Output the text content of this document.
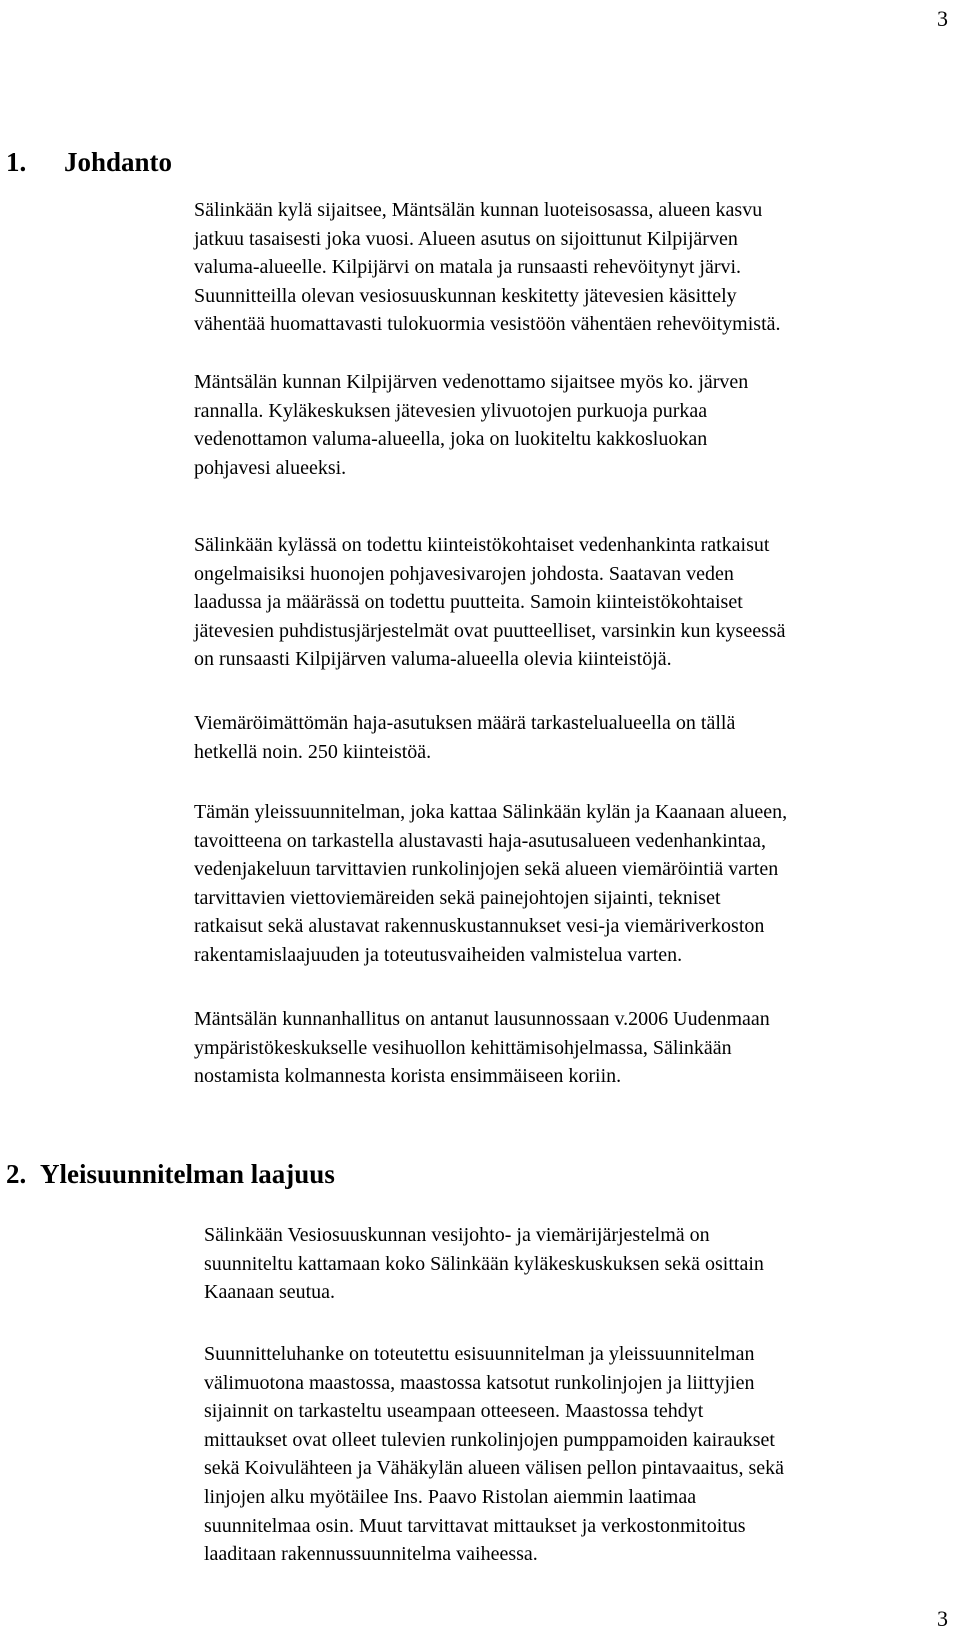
3
1. Johdanto

Sälinkään kylä sijaitsee, Mäntsälän kunnan luoteisosassa, alueen kasvu
jatkuu tasaisesti joka vuosi. Alueen asutus on sijoittunut Kilpijärven
valuma-alueelle. Kilpijärvi on matala ja runsaasti rehevöitynyt järvi.
Suunnitteilla olevan vesiosuuskunnan keskitetty jätevesien käsittely
vähentää huomattavasti tulokuormia vesistöön vähentäen rehevöitymistä.

Mäntsälän kunnan Kilpijärven vedenottamo sijaitsee myös ko. järven
rannalla. Kyläkeskuksen jätevesien ylivuotojen purkuoja purkaa
vedenottamon valuma-alueella, joka on luokiteltu kakkosluokan
pohjavesi alueeksi.

Sälinkään kylässä on todettu kiinteistökohtaiset vedenhankinta ratkaisut
ongelmaisiksi huonojen pohjavesivarojen johdosta. Saatavan veden
laadussa ja määrässä on todettu puutteita. Samoin kiinteistökohtaiset
jätevesien puhdistusjärjestelmät ovat puutteelliset, varsinkin kun kyseessä
on runsaasti Kilpijärven valuma-alueella olevia kiinteistöjä.

Viemäröimättömän haja-asutuksen määrä tarkastelualueella on tällä
hetkellä noin. 250 kiinteistöä.

Tämän yleissuunnitelman, joka kattaa Sälinkään kylän ja Kaanaan alueen,
tavoitteena on tarkastella alustavasti haja-asutusalueen vedenhankintaa,
vedenjakeluun tarvittavien runkolinjojen sekä alueen viemäröintiä varten
tarvittavien viettoviemäreiden sekä painejohtojen sijainti, tekniset
ratkaisut sekä alustavat rakennuskustannukset vesi-ja viemäriverkoston
rakentamislaajuuden ja toteutusvaiheiden valmistelua varten.

Mäntsälän kunnanhallitus on antanut lausunnossaan v.2006 Uudenmaan
ympäristökeskukselle vesihuollon kehittämisohjelmassa, Sälinkään
nostamista kolmannesta korista ensimmäiseen koriin.

2. Yleisuunnitelman laajuus

Sälinkään Vesiosuuskunnan vesijohto- ja viemärijärjestelmä on
suunniteltu kattamaan koko Sälinkään kyläkeskuskuksen sekä osittain
Kaanaan seutua.

Suunnitteluhanke on toteutettu esisuunnitelman ja yleissuunnitelman
välimuotona maastossa, maastossa katsotut runkolinjojen ja liittyjien
sijainnit on tarkasteltu useampaan otteeseen. Maastossa tehdyt
mittaukset ovat olleet tulevien runkolinjojen pumppamoiden kairaukset
sekä Koivulähteen ja Vähäkylän alueen välisen pellon pintavaaitus, sekä
linjojen alku myötäilee Ins. Paavo Ristolan aiemmin laatimaa
suunnitelmaa osin. Muut tarvittavat mittaukset ja verkostonmitoitus
laaditaan rakennussuunnitelma vaiheessa.

3
